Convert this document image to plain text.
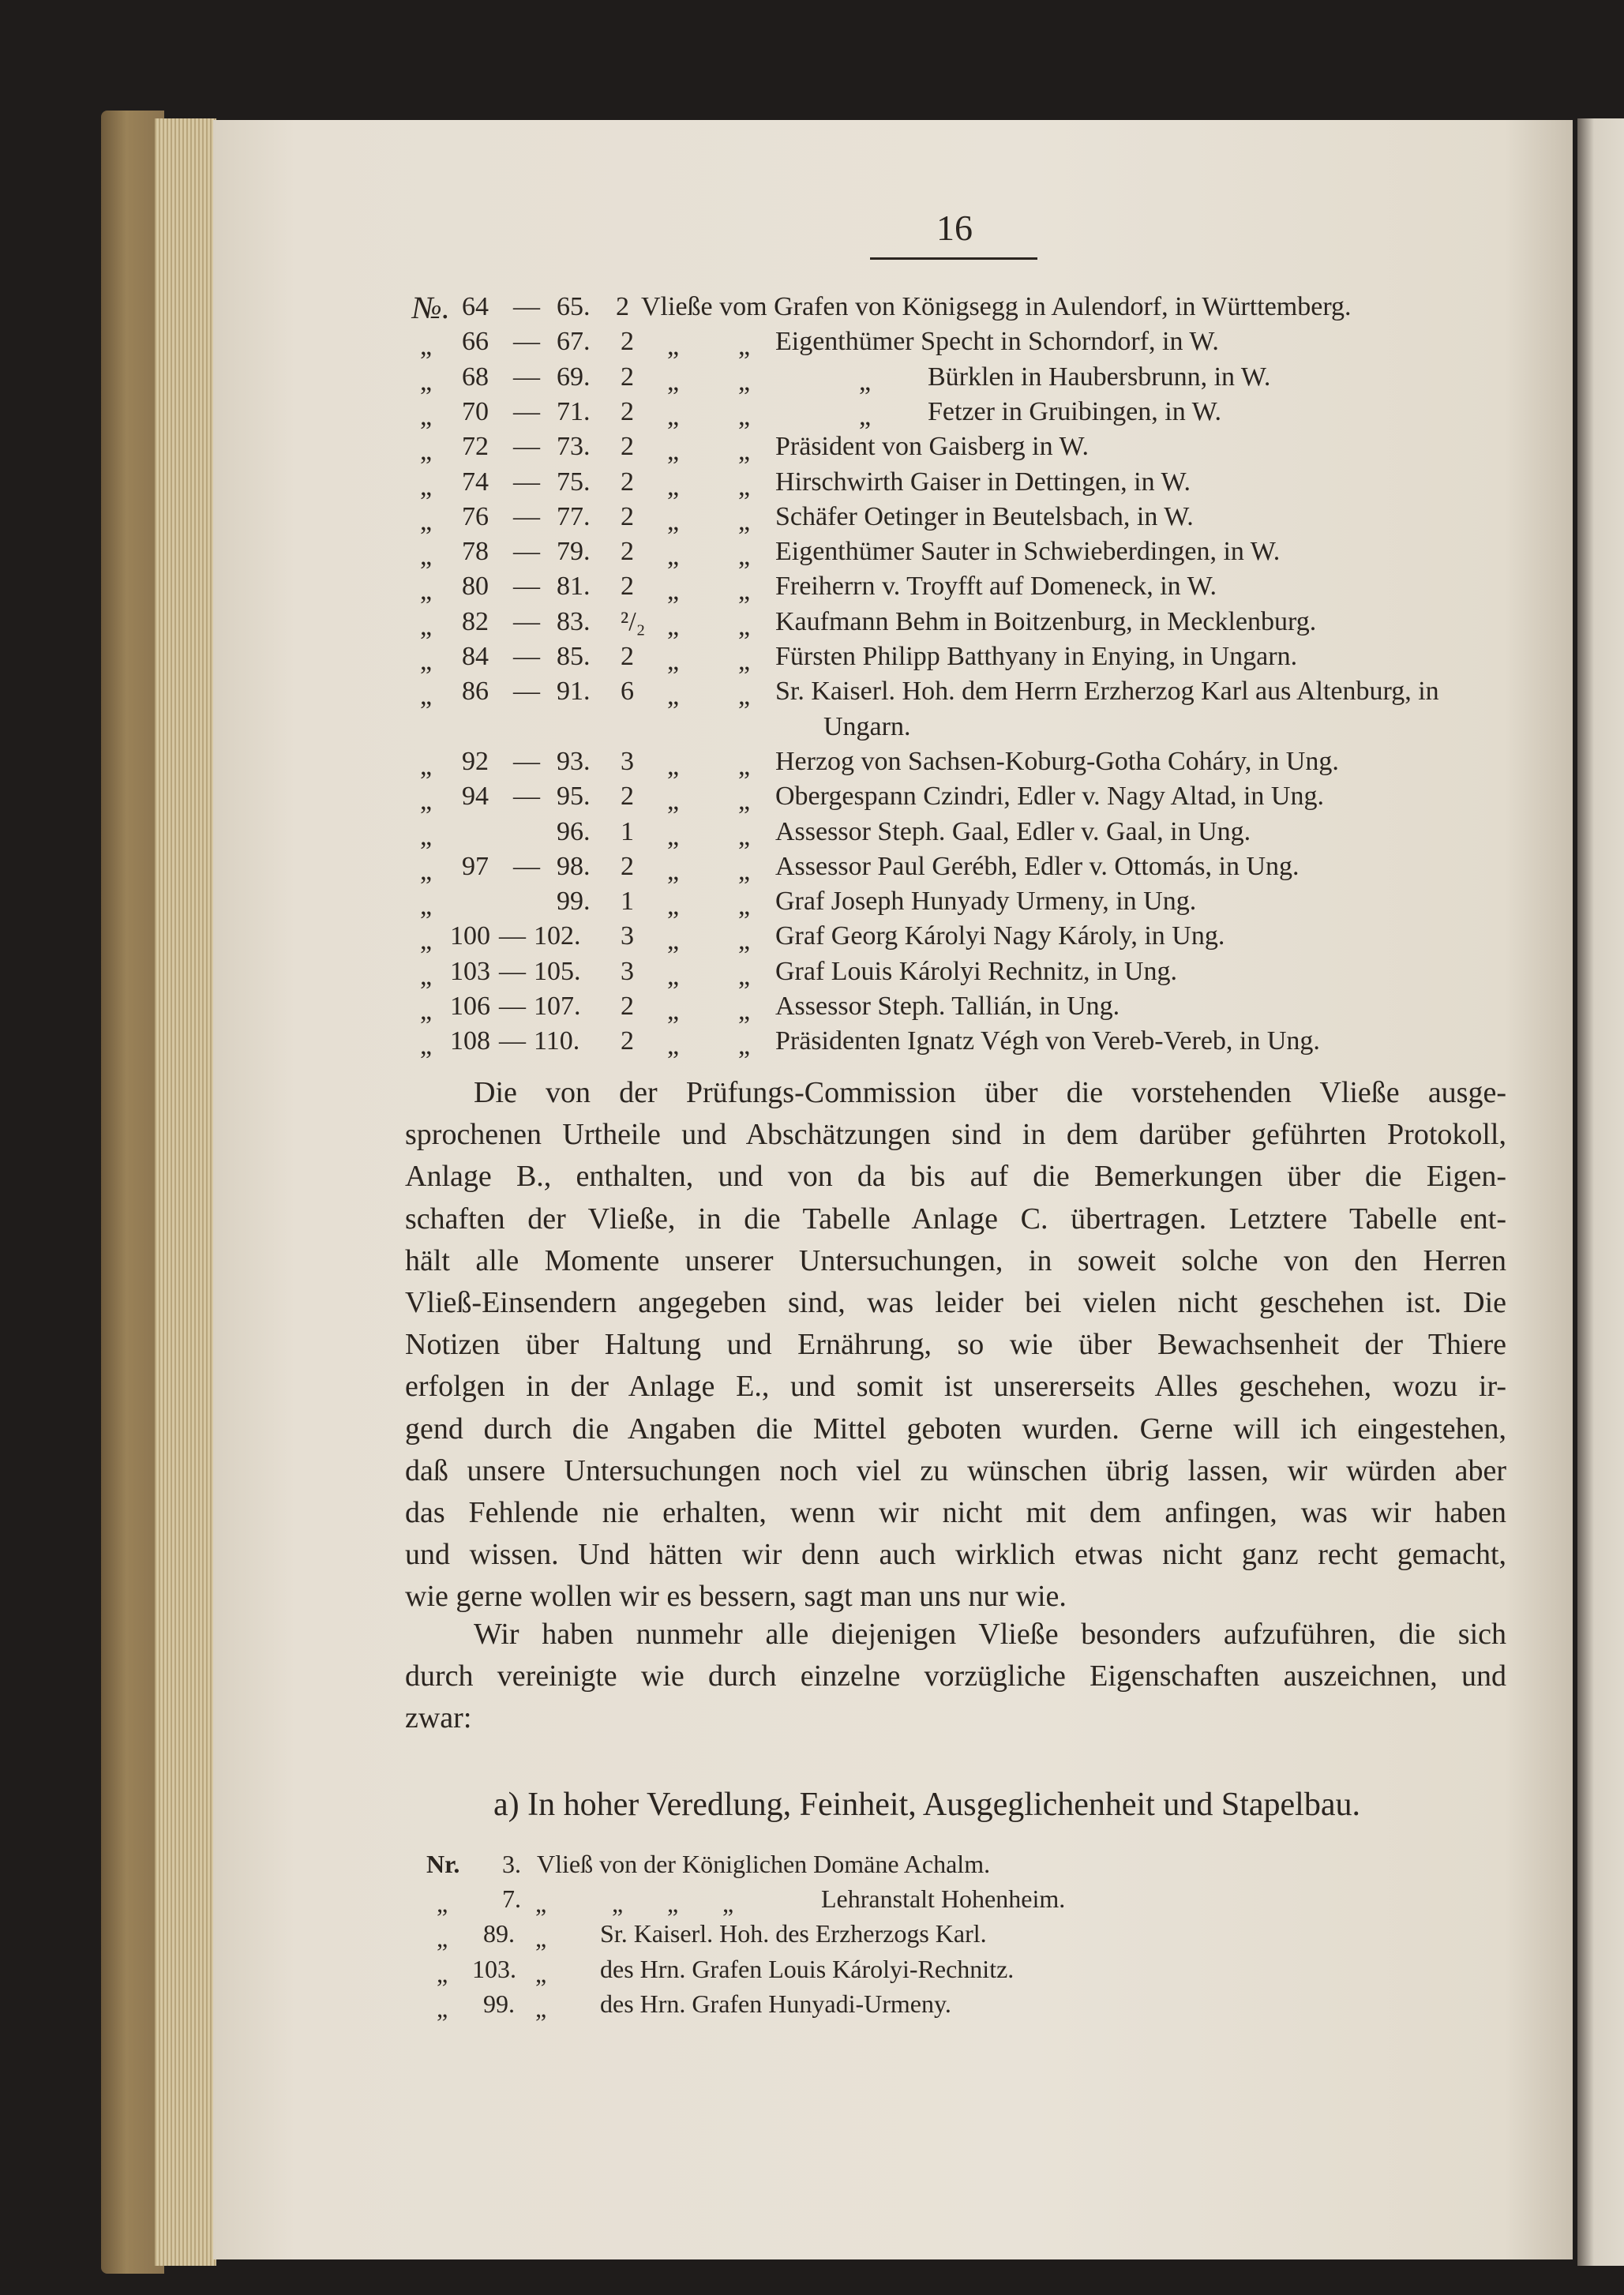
16
№. 64 — 65. 2 Vließe vom Grafen von Königsegg in Aulendorf, in Württemberg.
„ 66 — 67. 2 „ „ Eigenthümer Specht in Schorndorf, in W.
„ 68 — 69. 2 „ „	„ Bürklen in Haubersbrunn, in W.
„ 70 — 71. 2 „ „	„ Fetzer in Gruibingen, in W.
„ 72 — 73. 2 „ „ Präsident von Gaisberg in W.
„ 74 — 75. 2 „ „ Hirschwirth Gaiser in Dettingen, in W.
„ 76 — 77. 2 „ „ Schäfer Oetinger in Beutelsbach, in W.
„ 78 — 79. 2 „ „ Eigenthümer Sauter in Schwieberdingen, in W.
„ 80 — 81. 2 „ „ Freiherrn v. Troyfft auf Domeneck, in W.
„ 82 — 83. ²/₂ „ „ Kaufmann Behm in Boitzenburg, in Mecklenburg.
„ 84 — 85. 2 „ „ Fürsten Philipp Batthyany in Enying, in Ungarn.
„ 86 — 91. 6 „ „ Sr. Kaiserl. Hoh. dem Herrn Erzherzog Karl aus Altenburg, in
Ungarn.
„ 92 — 93. 3 „ „ Herzog von Sachsen-Koburg-Gotha Coháry, in Ung.
„ 94 — 95. 2 „ „ Obergespann Czindri, Edler v. Nagy Altad, in Ung.
„	96. 1 „ „ Assessor Steph. Gaal, Edler v. Gaal, in Ung.
„ 97 — 98. 2 „ „ Assessor Paul Gerébh, Edler v. Ottomás, in Ung.
„	99. 1 „ „ Graf Joseph Hunyady Urmeny, in Ung.
„ 100 — 102. 3 „ „ Graf Georg Károlyi Nagy Károly, in Ung.
„ 103 — 105. 3 „ „ Graf Louis Károlyi Rechnitz, in Ung.
„ 106 — 107. 2 „ „ Assessor Steph. Tallián, in Ung.
„ 108 — 110. 2 „ „ Präsidenten Ignatz Végh von Vereb-Vereb, in Ung.
Die von der Prüfungs-Commission über die vorstehenden Vließe ausge-
sprochenen Urtheile und Abschätzungen sind in dem darüber geführten Protokoll,
Anlage B., enthalten, und von da bis auf die Bemerkungen über die Eigen-
schaften der Vließe, in die Tabelle Anlage C. übertragen. Letztere Tabelle ent-
hält alle Momente unserer Untersuchungen, in soweit solche von den Herren
Vließ-Einsendern angegeben sind, was leider bei vielen nicht geschehen ist. Die
Notizen über Haltung und Ernährung, so wie über Bewachsenheit der Thiere
erfolgen in der Anlage E., und somit ist unsererseits Alles geschehen, wozu ir-
gend durch die Angaben die Mittel geboten wurden. Gerne will ich eingestehen,
daß unsere Untersuchungen noch viel zu wünschen übrig lassen, wir würden aber
das Fehlende nie erhalten, wenn wir nicht mit dem anfingen, was wir haben
und wissen. Und hätten wir denn auch wirklich etwas nicht ganz recht gemacht,
wie gerne wollen wir es bessern, sagt man uns nur wie.
Wir haben nunmehr alle diejenigen Vließe besonders aufzuführen, die sich
durch vereinigte wie durch einzelne vorzügliche Eigenschaften auszeichnen, und
zwar:
a) In hoher Veredlung, Feinheit, Ausgeglichenheit und Stapelbau.
Nr. 3. Vließ von der Königlichen Domäne Achalm.
„ 7. „	„ „ „	Lehranstalt Hohenheim.
„ 89. „ Sr. Kaiserl. Hoh. des Erzherzogs Karl.
„ 103. „ des Hrn. Grafen Louis Károlyi-Rechnitz.
„ 99. „ des Hrn. Grafen Hunyadi-Urmeny.
